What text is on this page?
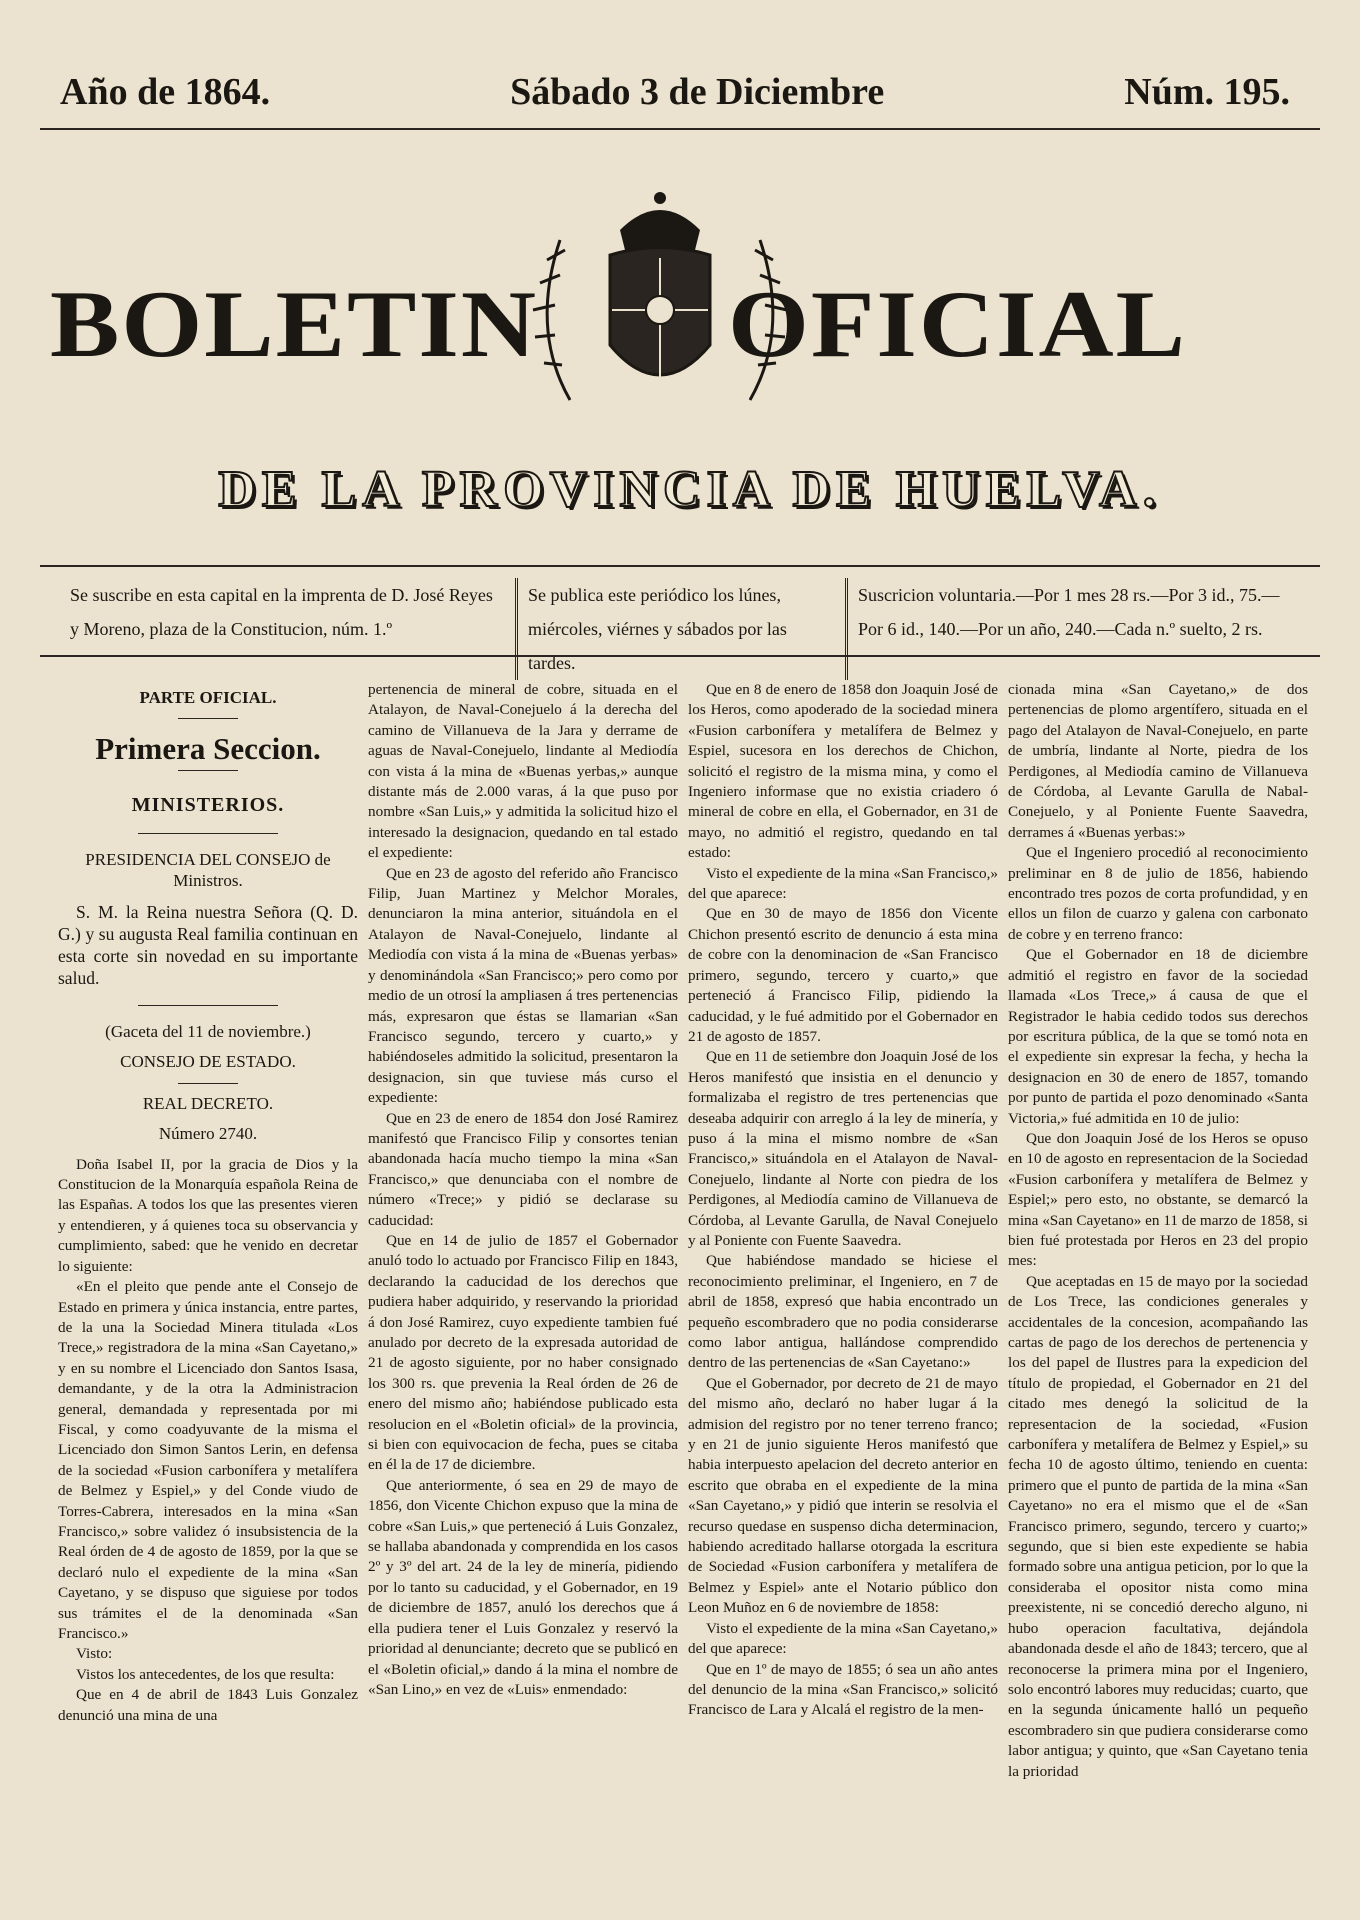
Año de 1864.	Sábado 3 de Diciembre	Núm. 195.
BOLETIN OFICIAL
DE LA PROVINCIA DE HUELVA.
Se suscribe en esta capital en la imprenta de D. José Reyes y Moreno, plaza de la Constitucion, núm. 1.º
Se publica este periódico los lúnes, miércoles, viérnes y sábados por las tardes.
Suscricion voluntaria.—Por 1 mes 28 rs.—Por 3 id., 75.—Por 6 id., 140.—Por un año, 240.—Cada n.º suelto, 2 rs.
PARTE OFICIAL.
Primera Seccion.
MINISTERIOS.
PRESIDENCIA DEL CONSEJO de Ministros.

S. M. la Reina nuestra Señora (Q. D. G.) y su augusta Real familia continuan en esta corte sin novedad en su importante salud.

(Gaceta del 11 de noviembre.)
CONSEJO DE ESTADO.
REAL DECRETO.
Número 2740.

Doña Isabel II, por la gracia de Dios y la Constitucion de la Monarquía española Reina de las Españas. A todos los que las presentes vieren y entendieren, y á quienes toca su observancia y cumplimiento, sabed: que he venido en decretar lo siguiente:

«En el pleito que pende ante el Consejo de Estado en primera y única instancia, entre partes, de la una la Sociedad Minera titulada «Los Trece,» registradora de la mina «San Cayetano,» y en su nombre el Licenciado don Santos Isasa, demandante, y de la otra la Administracion general, demandada y representada por mi Fiscal, y como coadyuvante de la misma el Licenciado don Simon Santos Lerin, en defensa de la sociedad «Fusion carbonífera y metalífera de Belmez y Espiel,» y del Conde viudo de Torres-Cabrera, interesados en la mina «San Francisco,» sobre validez ó insubsistencia de la Real órden de 4 de agosto de 1859, por la que se declaró nulo el expediente de la mina «San Cayetano, y se dispuso que siguiese por todos sus trámites el de la denominada «San Francisco.»

Visto:

Vistos los antecedentes, de los que resulta:

Que en 4 de abril de 1843 Luis Gonzalez denunció una mina de una

pertenencia de mineral de cobre, situada en el Atalayon, de Naval-Conejuelo á la derecha del camino de Villanueva de la Jara y derrame de aguas de Naval-Conejuelo, lindante al Mediodía con vista á la mina de «Buenas yerbas,» aunque distante más de 2.000 varas, á la que puso por nombre «San Luis,» y admitida la solicitud hizo el interesado la designacion, quedando en tal estado el expediente:

Que en 23 de agosto del referido año Francisco Filip, Juan Martinez y Melchor Morales, denunciaron la mina anterior, situándola en el Atalayon de Naval-Conejuelo, lindante al Mediodía con vista á la mina de «Buenas yerbas» y denominándola «San Francisco;» pero como por medio de un otrosí la ampliasen á tres pertenencias más, expresaron que éstas se llamarian «San Francisco segundo, tercero y cuarto,» y habiéndoseles admitido la solicitud, presentaron la designacion, sin que tuviese más curso el expediente:

Que en 23 de enero de 1854 don José Ramirez manifestó que Francisco Filip y consortes tenian abandonada hacía mucho tiempo la mina «San Francisco,» que denunciaba con el nombre de número «Trece;» y pidió se declarase su caducidad:

Que en 14 de julio de 1857 el Gobernador anuló todo lo actuado por Francisco Filip en 1843, declarando la caducidad de los derechos que pudiera haber adquirido, y reservando la prioridad á don José Ramirez, cuyo expediente tambien fué anulado por decreto de la expresada autoridad de 21 de agosto siguiente, por no haber consignado los 300 rs. que prevenia la Real órden de 26 de enero del mismo año; habiéndose publicado esta resolucion en el «Boletin oficial» de la provincia, si bien con equivocacion de fecha, pues se citaba en él la de 17 de diciembre.

Que anteriormente, ó sea en 29 de mayo de 1856, don Vicente Chichon expuso que la mina de cobre «San Luis,» que perteneció á Luis Gonzalez, se hallaba abandonada y comprendida en los casos 2º y 3º del art. 24 de la ley de minería, pidiendo por lo tanto su caducidad, y el Gobernador, en 19 de diciembre de 1857, anuló los derechos que á ella pudiera tener el Luis Gonzalez y reservó la prioridad al denunciante; decreto que se publicó en el «Boletin oficial,» dando á la mina el nombre de «San Lino,» en vez de «Luis» enmendado:

Que en 8 de enero de 1858 don Joaquin José de los Heros, como apoderado de la sociedad minera «Fusion carbonífera y metalífera de Belmez y Espiel, sucesora en los derechos de Chichon, solicitó el registro de la misma mina, y como el Ingeniero informase que no existia criadero ó mineral de cobre en ella, el Gobernador, en 31 de mayo, no admitió el registro, quedando en tal estado:

Visto el expediente de la mina «San Francisco,» del que aparece:

Que en 30 de mayo de 1856 don Vicente Chichon presentó escrito de denuncio á esta mina de cobre con la denominacion de «San Francisco primero, segundo, tercero y cuarto,» que perteneció á Francisco Filip, pidiendo la caducidad, y le fué admitido por el Gobernador en 21 de agosto de 1857.

Que en 11 de setiembre don Joaquin José de los Heros manifestó que insistia en el denuncio y formalizaba el registro de tres pertenencias que deseaba adquirir con arreglo á la ley de minería, y puso á la mina el mismo nombre de «San Francisco,» situándola en el Atalayon de Naval-Conejuelo, lindante al Norte con piedra de los Perdigones, al Mediodía camino de Villanueva de Córdoba, al Levante Garulla, de Naval Conejuelo y al Poniente con Fuente Saavedra.

Que habiéndose mandado se hiciese el reconocimiento preliminar, el Ingeniero, en 7 de abril de 1858, expresó que habia encontrado un pequeño escombradero que no podia considerarse como labor antigua, hallándose comprendido dentro de las pertenencias de «San Cayetano:»

Que el Gobernador, por decreto de 21 de mayo del mismo año, declaró no haber lugar á la admision del registro por no tener terreno franco; y en 21 de junio siguiente Heros manifestó que habia interpuesto apelacion del decreto anterior en escrito que obraba en el expediente de la mina «San Cayetano,» y pidió que interin se resolvia el recurso quedase en suspenso dicha determinacion, habiendo acreditado hallarse otorgada la escritura de Sociedad «Fusion carbonífera y metalífera de Belmez y Espiel» ante el Notario público don Leon Muñoz en 6 de noviembre de 1858:

Visto el expediente de la mina «San Cayetano,» del que aparece:

Que en 1º de mayo de 1855; ó sea un año antes del denuncio de la mina «San Francisco,» solicitó Francisco de Lara y Alcalá el registro de la men-

cionada mina «San Cayetano,» de dos pertenencias de plomo argentífero, situada en el pago del Atalayon de Naval-Conejuelo, en parte de umbría, lindante al Norte, piedra de los Perdigones, al Mediodía camino de Villanueva de Córdoba, al Levante Garulla de Nabal-Conejuelo, y al Poniente Fuente Saavedra, derrames á «Buenas yerbas:»

Que el Ingeniero procedió al reconocimiento preliminar en 8 de julio de 1856, habiendo encontrado tres pozos de corta profundidad, y en ellos un filon de cuarzo y galena con carbonato de cobre y en terreno franco:

Que el Gobernador en 18 de diciembre admitió el registro en favor de la sociedad llamada «Los Trece,» á causa de que el Registrador le habia cedido todos sus derechos por escritura pública, de la que se tomó nota en el expediente sin expresar la fecha, y hecha la designacion en 30 de enero de 1857, tomando por punto de partida el pozo denominado «Santa Victoria,» fué admitida en 10 de julio:

Que don Joaquin José de los Heros se opuso en 10 de agosto en representacion de la Sociedad «Fusion carbonífera y metalífera de Belmez y Espiel;» pero esto, no obstante, se demarcó la mina «San Cayetano» en 11 de marzo de 1858, si bien fué protestada por Heros en 23 del propio mes:

Que aceptadas en 15 de mayo por la sociedad de Los Trece, las condiciones generales y accidentales de la concesion, acompañando las cartas de pago de los derechos de pertenencia y los del papel de Ilustres para la expedicion del título de propiedad, el Gobernador en 21 del citado mes denegó la solicitud de la representacion de la sociedad, «Fusion carbonífera y metalífera de Belmez y Espiel,» su fecha 10 de agosto último, teniendo en cuenta: primero que el punto de partida de la mina «San Cayetano» no era el mismo que el de «San Francisco primero, segundo, tercero y cuarto;» segundo, que si bien este expediente se habia formado sobre una antigua peticion, por lo que la consideraba el opositor nista como mina preexistente, ni se concedió derecho alguno, ni hubo operacion facultativa, dejándola abandonada desde el año de 1843; tercero, que al reconocerse la primera mina por el Ingeniero, solo encontró labores muy reducidas; cuarto, que en la segunda únicamente halló un pequeño escombradero sin que pudiera considerarse como labor antigua; y quinto, que «San Cayetano tenia la prioridad
